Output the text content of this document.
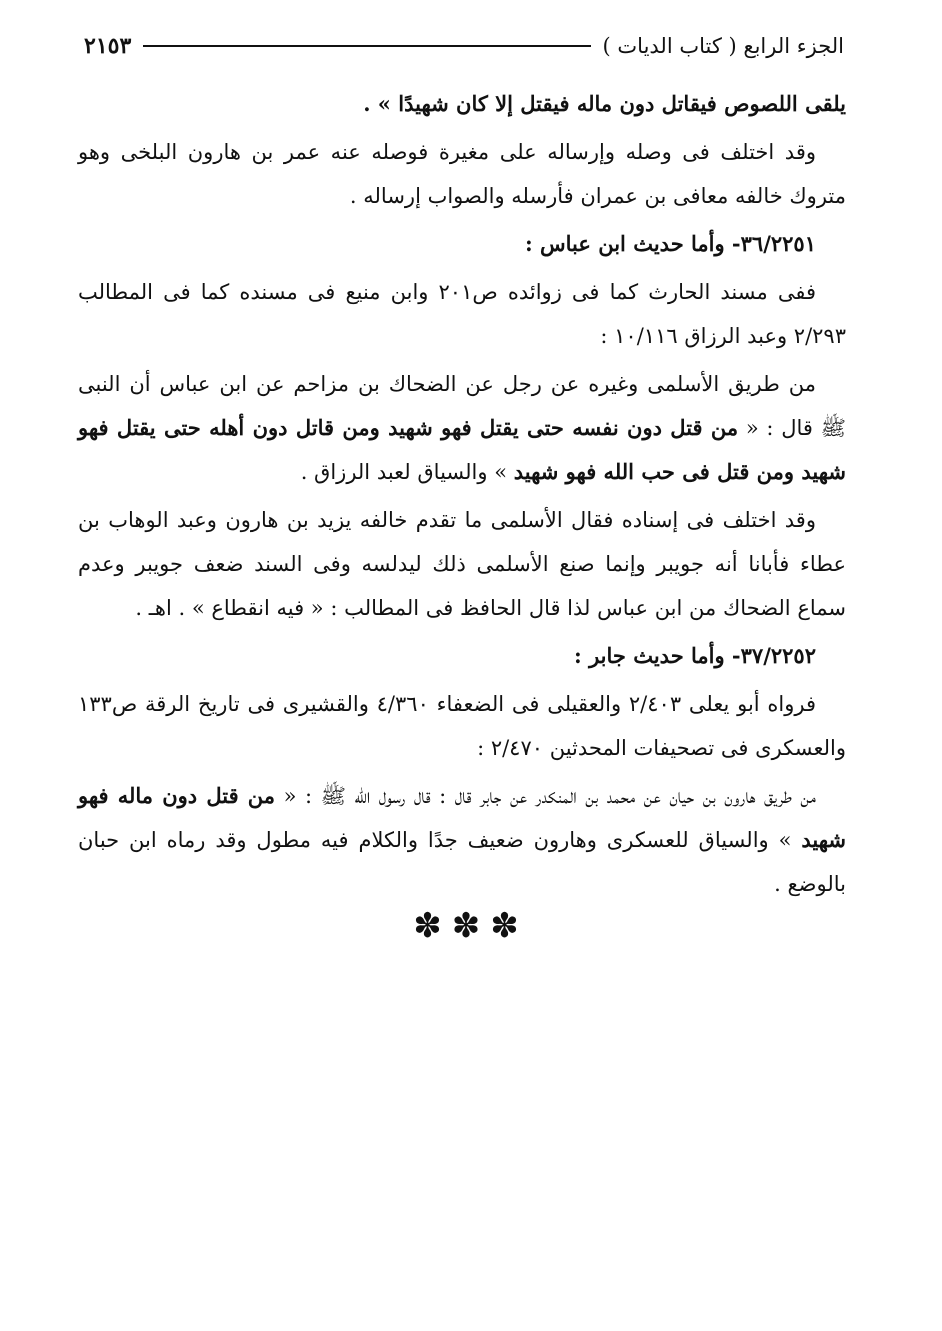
الجزء الرابع ( كتاب الديات )
٢١٥٣

يلقى اللصوص فيقاتل دون ماله فيقتل إلا كان شهيدًا » .

وقد اختلف فى وصله وإرساله على مغيرة فوصله عنه عمر بن هارون البلخى وهو متروك خالفه معافى بن عمران فأرسله والصواب إرساله .

٣٦/٢٢٥١- وأما حديث ابن عباس :

ففى مسند الحارث كما فى زوائده ص٢٠١ وابن منيع فى مسنده كما فى المطالب ٢/٢٩٣ وعبد الرزاق ١٠/١١٦ :

من طريق الأسلمى وغيره عن رجل عن الضحاك بن مزاحم عن ابن عباس أن النبى ﷺ قال : « من قتل دون نفسه حتى يقتل فهو شهيد ومن قاتل دون أهله حتى يقتل فهو شهيد ومن قتل فى حب الله فهو شهيد » والسياق لعبد الرزاق .

وقد اختلف فى إسناده فقال الأسلمى ما تقدم خالفه يزيد بن هارون وعبد الوهاب بن عطاء فأبانا أنه جويبر وإنما صنع الأسلمى ذلك ليدلسه وفى السند ضعف جويبر وعدم سماع الضحاك من ابن عباس لذا قال الحافظ فى المطالب : « فيه انقطاع » . اهـ .

٣٧/٢٢٥٢- وأما حديث جابر :

فرواه أبو يعلى ٢/٤٠٣ والعقيلى فى الضعفاء ٤/٣٦٠ والقشيرى فى تاريخ الرقة ص١٣٣ والعسكرى فى تصحيفات المحدثين ٢/٤٧٠ :

من طريق هارون بن حيان عن محمد بن المنكدر عن جابر قال : قال رسول الله ﷺ : « من قتل دون ماله فهو شهيد » والسياق للعسكرى وهارون ضعيف جدًا والكلام فيه مطول وقد رماه ابن حبان بالوضع .

✽✽✽
